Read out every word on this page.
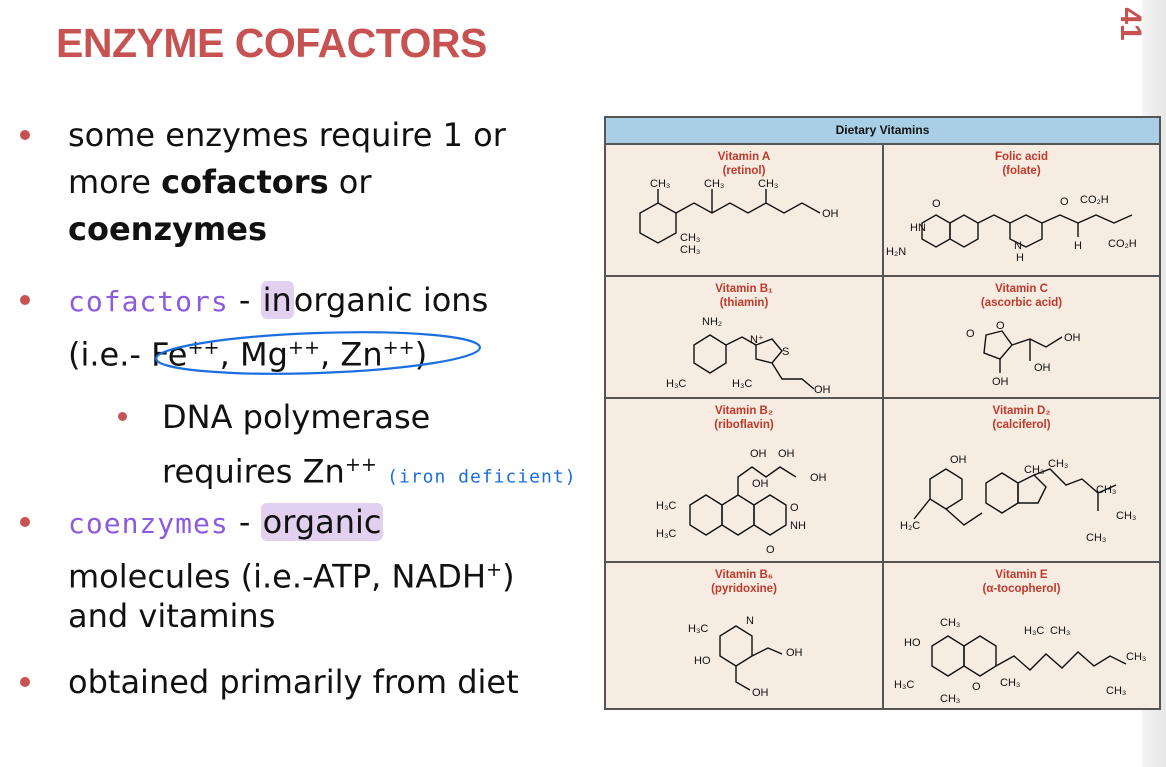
41
ENZYME COFACTORS
some enzymes require 1 or
more cofactors or
coenzymes
cofactors - inorganic ions
(i.e.- Fe++, Mg++, Zn++)
DNA polymerase
requires Zn++ (iron deficient)
coenzymes - organic
molecules (i.e.-ATP, NADH+)
and vitamins
obtained primarily from diet
Dietary Vitamins
Vitamin A
(retinol)
CH₃	CH₃	CH₃
OH
CH₃
CH₃
Folic acid
(folate)
O
HN
H₂N	N
H
O CO₂H
CO₂H
H
Vitamin B₁
(thiamin)
NH₂
H₃C	H₃C
N⁺
S
OH
Vitamin C
(ascorbic acid)
O
O
OH
OH
OH
Vitamin B₂
(riboflavin)
OH OH
OH	OH
H₃C
H₃C
O
NH
O
Vitamin D₂
(calciferol)
OH
CH₃ CH₃
CH₃
CH₃
CH₃
H₂C
Vitamin B₆
(pyridoxine)
H₃C
N
HO
OH
OH
Vitamin E
(α-tocopherol)
CH₃
HO
H₃C
CH₃
O CH₃
H₃C CH₃
CH₃
CH₃
